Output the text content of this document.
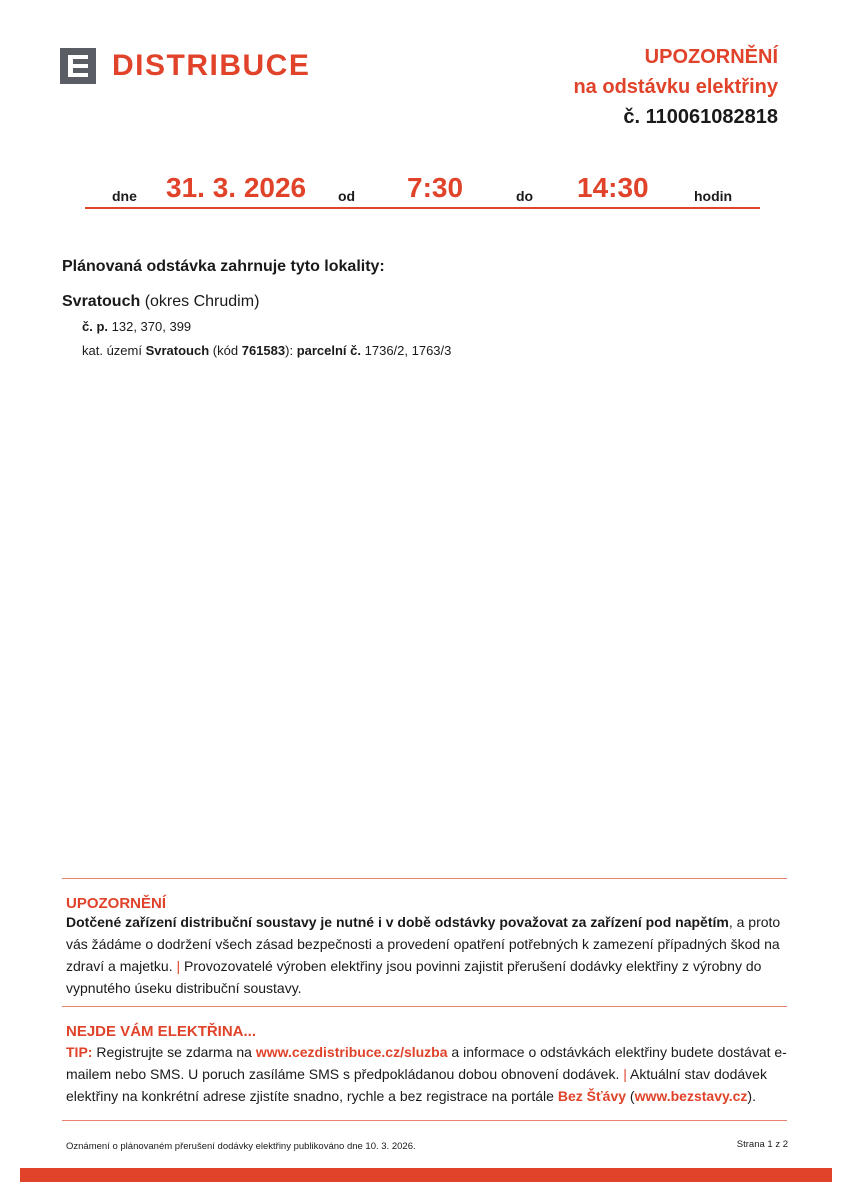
DISTRIBUCE	UPOZORNĚNÍ
na odstávku elektřiny
č. 110061082818
dne 31. 3. 2026 od 7:30	do 14:30	hodin
Plánovaná odstávka zahrnuje tyto lokality:
Svratouch (okres Chrudim)
č. p. 132, 370, 399
kat. území Svratouch (kód 761583): parcelní č. 1736/2, 1763/3
UPOZORNĚNÍ
Dotčené zařízení distribuční soustavy je nutné i v době odstávky považovat za zařízení pod napětím, a proto vás žádáme o dodržení všech zásad bezpečnosti a provedení opatření potřebných k zamezení případných škod na zdraví a majetku. | Provozovatelé výroben elektřiny jsou povinni zajistit přerušení dodávky elektřiny z výrobny do vypnutého úseku distribuční soustavy.
NEJDE VÁM ELEKTŘINA...
TIP: Registrujte se zdarma na www.cezdistribuce.cz/sluzba a informace o odstávkách elektřiny budete dostávat e-mailem nebo SMS. U poruch zasíláme SMS s předpokládanou dobou obnovení dodávek. | Aktuální stav dodávek elektřiny na konkrétní adrese zjistíte snadno, rychle a bez registrace na portále Bez Šťávy (www.bezstavy.cz).
Oznámení o plánovaném přerušení dodávky elektřiny publikováno dne 10. 3. 2026.	Strana 1 z 2
